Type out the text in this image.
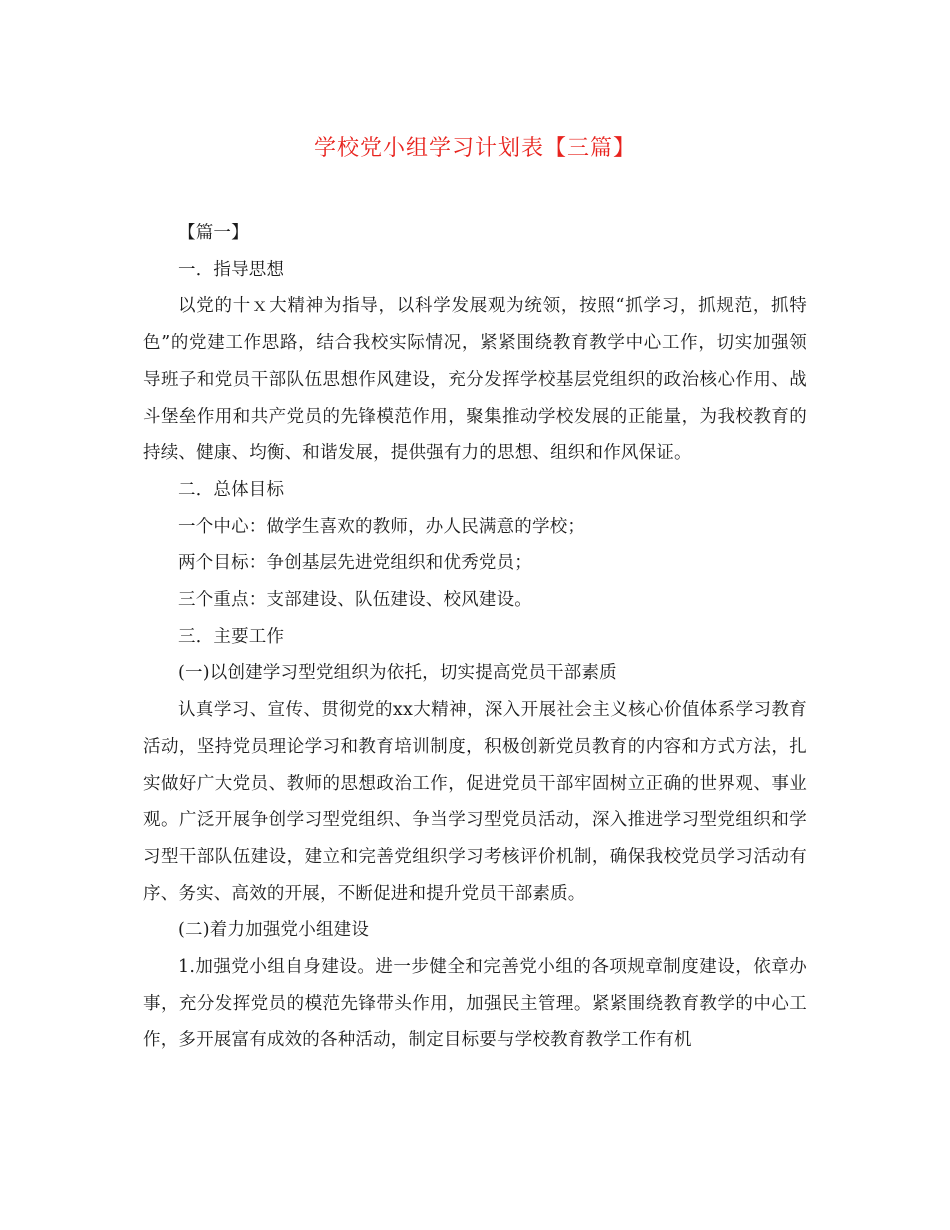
学校党小组学习计划表【三篇】

【篇一】

一．指导思想

以党的十ｘ大精神为指导，以科学发展观为统领，按照“抓学习，抓规范，抓特色”的党建工作思路，结合我校实际情况，紧紧围绕教育教学中心工作，切实加强领导班子和党员干部队伍思想作风建设，充分发挥学校基层党组织的政治核心作用、战斗堡垒作用和共产党员的先锋模范作用，聚集推动学校发展的正能量，为我校教育的持续、健康、均衡、和谐发展，提供强有力的思想、组织和作风保证。

二．总体目标

一个中心：做学生喜欢的教师，办人民满意的学校；

两个目标：争创基层先进党组织和优秀党员；

三个重点：支部建设、队伍建设、校风建设。

三．主要工作

(一)以创建学习型党组织为依托，切实提高党员干部素质

认真学习、宣传、贯彻党的xx大精神，深入开展社会主义核心价值体系学习教育活动，坚持党员理论学习和教育培训制度，积极创新党员教育的内容和方式方法，扎实做好广大党员、教师的思想政治工作，促进党员干部牢固树立正确的世界观、事业观。广泛开展争创学习型党组织、争当学习型党员活动，深入推进学习型党组织和学习型干部队伍建设，建立和完善党组织学习考核评价机制，确保我校党员学习活动有序、务实、高效的开展，不断促进和提升党员干部素质。

(二)着力加强党小组建设

1.加强党小组自身建设。进一步健全和完善党小组的各项规章制度建设，依章办事，充分发挥党员的模范先锋带头作用，加强民主管理。紧紧围绕教育教学的中心工作，多开展富有成效的各种活动，制定目标要与学校教育教学工作有机
